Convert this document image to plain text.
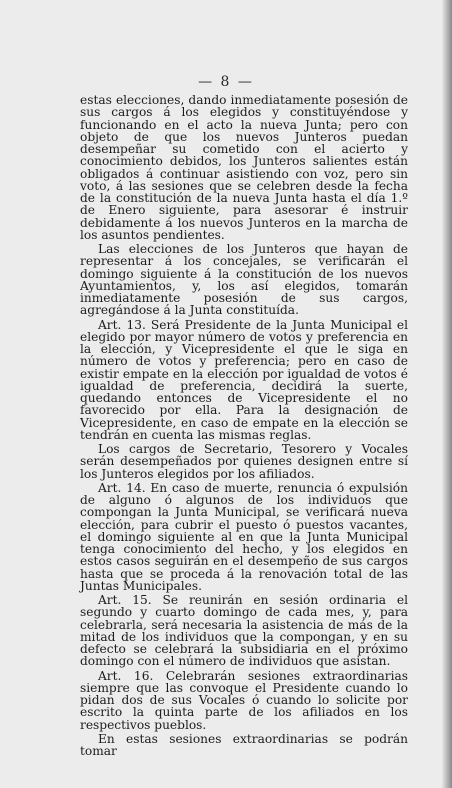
— 8 —

estas elecciones, dando inmediatamente posesión de sus cargos á los elegidos y constituyéndose y funcionando en el acto la nueva Junta; pero con objeto de que los nuevos Junteros puedan desempeñar su cometido con el acierto y conocimiento debidos, los Junteros salientes están obligados á continuar asistiendo con voz, pero sin voto, á las sesiones que se celebren desde la fecha de la constitución de la nueva Junta hasta el día 1.º de Enero siguiente, para asesorar é instruir debidamente á los nuevos Junteros en la marcha de los asuntos pendientes.

Las elecciones de los Junteros que hayan de representar á los concejales, se verificarán el domingo siguiente á la constitución de los nuevos Ayuntamientos, y, los así elegidos, tomarán inmediatamente posesión de sus cargos, agregándose á la Junta constituída.

Art. 13. Será Presidente de la Junta Municipal el elegido por mayor número de votos y preferencia en la elección, y Vicepresidente el que le siga en número de votos y preferencia; pero en caso de existir empate en la elección por igualdad de votos é igualdad de preferencia, decidirá la suerte, quedando entonces de Vicepresidente el no favorecido por ella. Para la designación de Vicepresidente, en caso de empate en la elección se tendrán en cuenta las mismas reglas.

Los cargos de Secretario, Tesorero y Vocales serán desempeñados por quienes designen entre sí los Junteros elegidos por los afiliados.

Art. 14. En caso de muerte, renuncia ó expulsión de alguno ó algunos de los individuos que compongan la Junta Municipal, se verificará nueva elección, para cubrir el puesto ó puestos vacantes, el domingo siguiente al en que la Junta Municipal tenga conocimiento del hecho, y los elegidos en estos casos seguirán en el desempeño de sus cargos hasta que se proceda á la renovación total de las Juntas Municipales.

Art. 15. Se reunirán en sesión ordinaria el segundo y cuarto domingo de cada mes, y, para celebrarla, será necesaria la asistencia de más de la mitad de los individuos que la compongan, y en su defecto se celebrará la subsidiaria en el próximo domingo con el número de individuos que asistan.

Art. 16. Celebrarán sesiones extraordinarias siempre que las convoque el Presidente cuando lo pidan dos de sus Vocales ó cuando lo solicite por escrito la quinta parte de los afiliados en los respectivos pueblos.

En estas sesiones extraordinarias se podrán tomar
